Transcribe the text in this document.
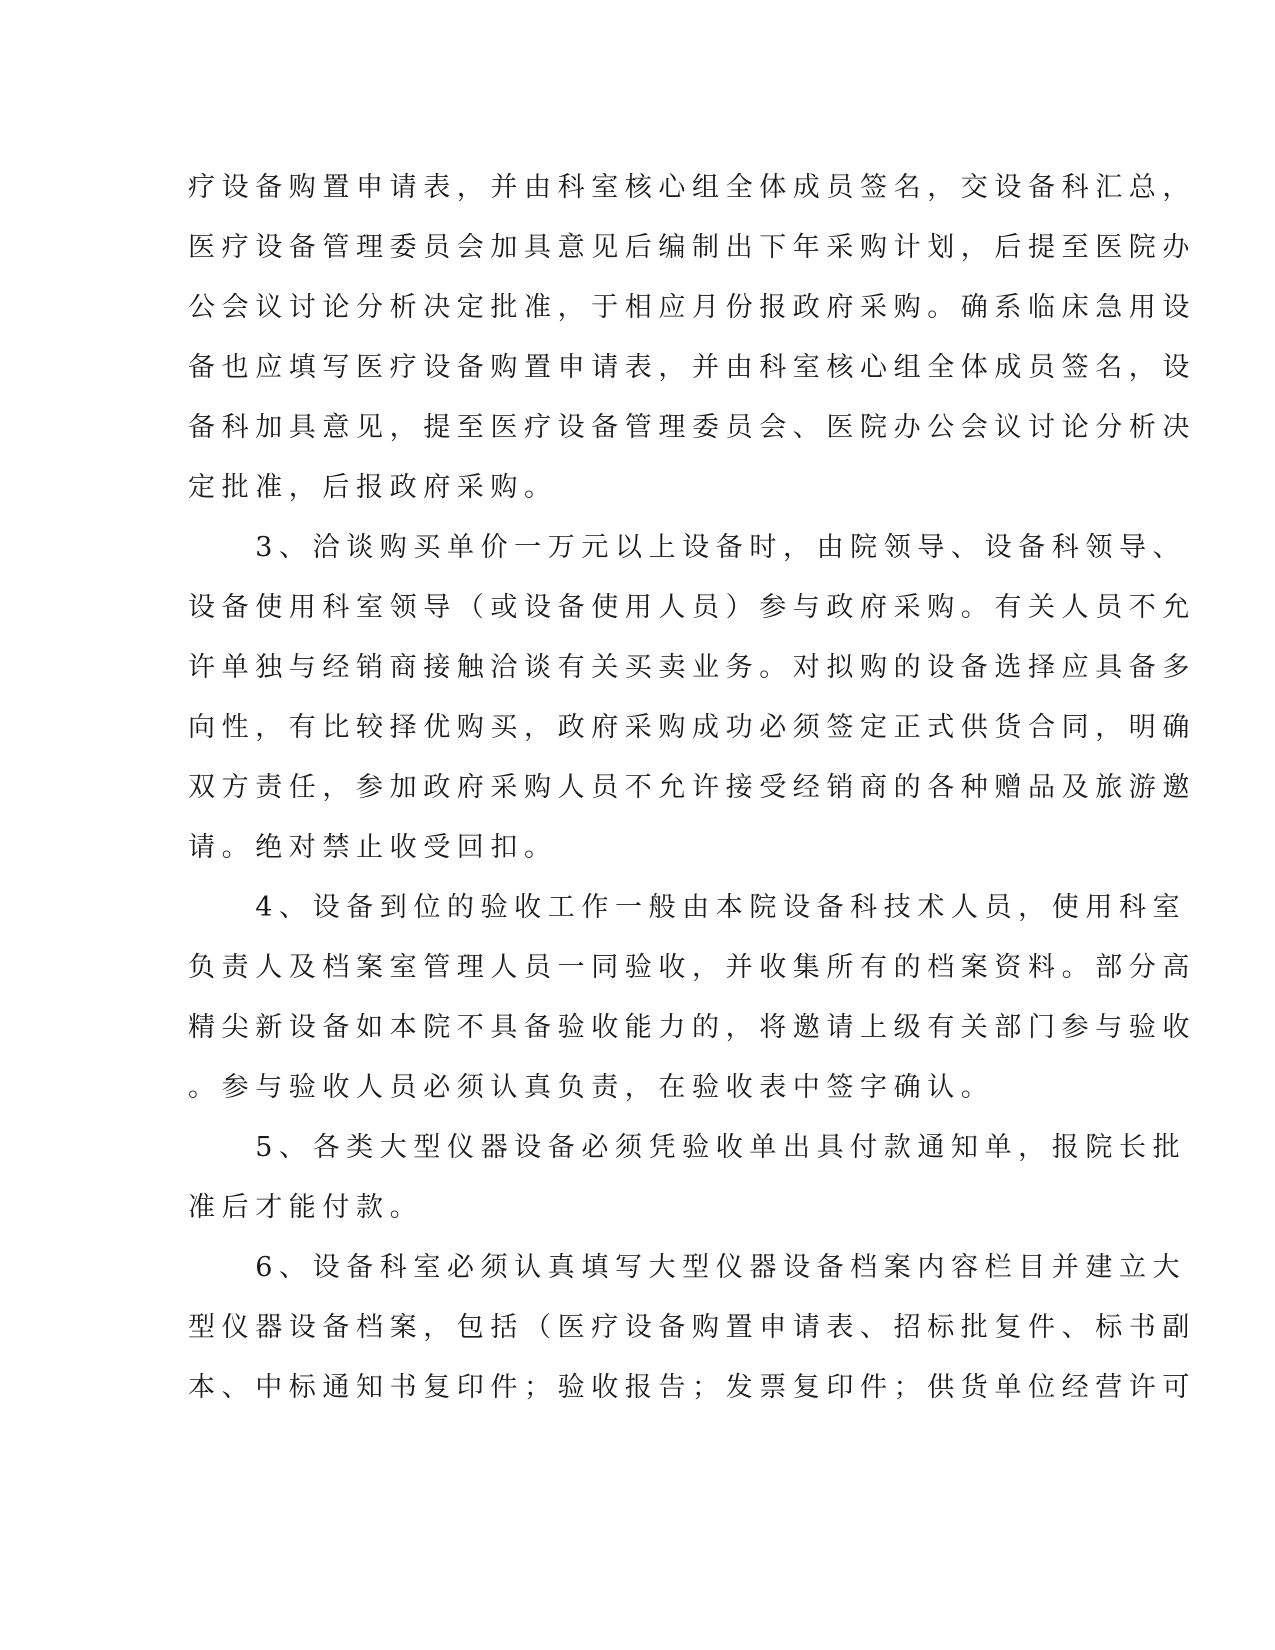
疗设备购置申请表，并由科室核心组全体成员签名，交设备科汇总，
医疗设备管理委员会加具意见后编制出下年采购计划，后提至医院办
公会议讨论分析决定批准，于相应月份报政府采购。确系临床急用设
备也应填写医疗设备购置申请表，并由科室核心组全体成员签名，设
备科加具意见，提至医疗设备管理委员会、医院办公会议讨论分析决
定批准，后报政府采购。
　　3、洽谈购买单价一万元以上设备时，由院领导、设备科领导、
设备使用科室领导（或设备使用人员）参与政府采购。有关人员不允
许单独与经销商接触洽谈有关买卖业务。对拟购的设备选择应具备多
向性，有比较择优购买，政府采购成功必须签定正式供货合同，明确
双方责任，参加政府采购人员不允许接受经销商的各种赠品及旅游邀
请。绝对禁止收受回扣。
　　4、设备到位的验收工作一般由本院设备科技术人员，使用科室
负责人及档案室管理人员一同验收，并收集所有的档案资料。部分高
精尖新设备如本院不具备验收能力的，将邀请上级有关部门参与验收
。参与验收人员必须认真负责，在验收表中签字确认。
　　5、各类大型仪器设备必须凭验收单出具付款通知单，报院长批
准后才能付款。
　　6、设备科室必须认真填写大型仪器设备档案内容栏目并建立大
型仪器设备档案，包括（医疗设备购置申请表、招标批复件、标书副
本、中标通知书复印件；验收报告；发票复印件；供货单位经营许可
